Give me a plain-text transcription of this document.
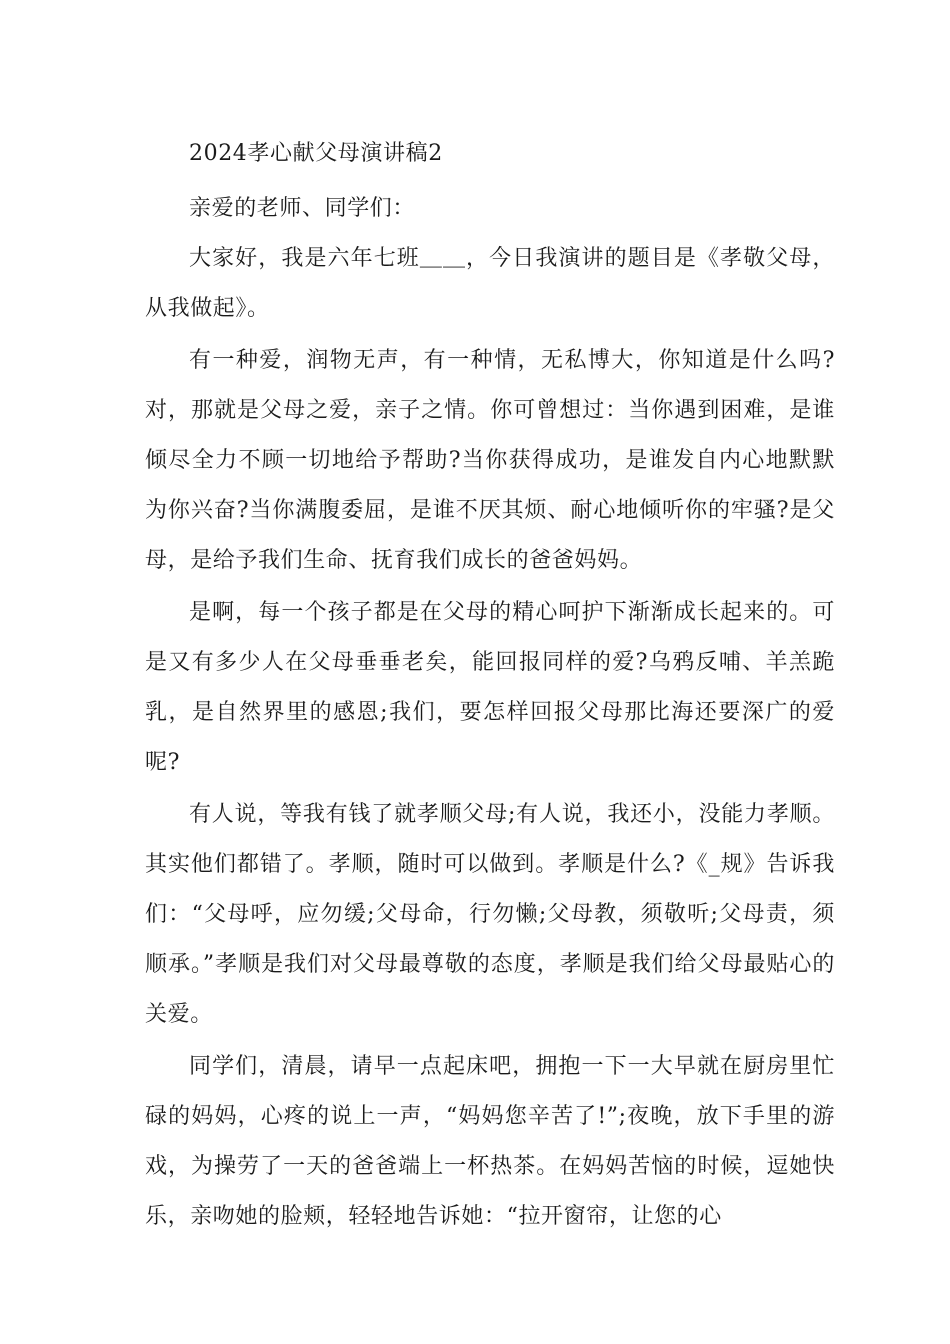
2024孝心献父母演讲稿2

亲爱的老师、同学们：

大家好，我是六年七班＿＿，今日我演讲的题目是《孝敬父母，从我做起》。

有一种爱，润物无声，有一种情，无私博大，你知道是什么吗?对，那就是父母之爱，亲子之情。你可曾想过：当你遇到困难，是谁倾尽全力不顾一切地给予帮助?当你获得成功，是谁发自内心地默默为你兴奋?当你满腹委屈，是谁不厌其烦、耐心地倾听你的牢骚?是父母，是给予我们生命、抚育我们成长的爸爸妈妈。

是啊，每一个孩子都是在父母的精心呵护下渐渐成长起来的。可是又有多少人在父母垂垂老矣，能回报同样的爱?乌鸦反哺、羊羔跪乳，是自然界里的感恩;我们，要怎样回报父母那比海还要深广的爱呢?

有人说，等我有钱了就孝顺父母;有人说，我还小，没能力孝顺。其实他们都错了。孝顺，随时可以做到。孝顺是什么?《_规》告诉我们：“父母呼，应勿缓;父母命，行勿懒;父母教，须敬听;父母责，须顺承。”孝顺是我们对父母最尊敬的态度，孝顺是我们给父母最贴心的关爱。

同学们，清晨，请早一点起床吧，拥抱一下一大早就在厨房里忙碌的妈妈，心疼的说上一声，“妈妈您辛苦了!”;夜晚，放下手里的游戏，为操劳了一天的爸爸端上一杯热茶。在妈妈苦恼的时候，逗她快乐，亲吻她的脸颊，轻轻地告诉她：“拉开窗帘，让您的心
